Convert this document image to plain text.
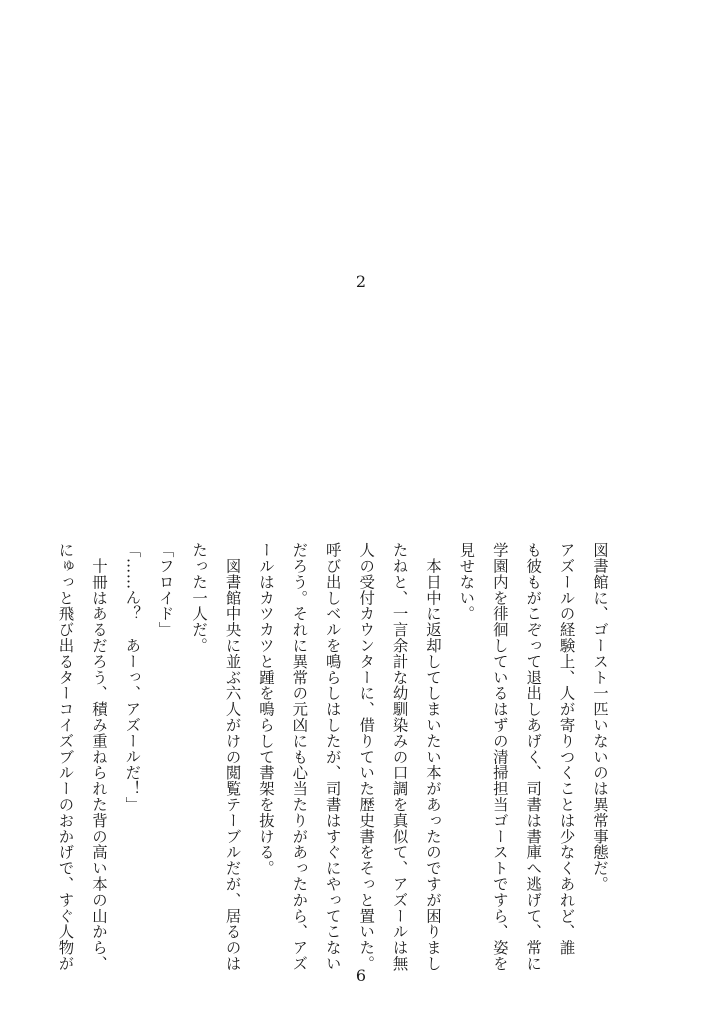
2

図書館に、ゴースト一匹いないのは異常事態だ。

アズールの経験上、人が寄りつくことは少なくあれど、誰

も彼もがこぞって退出しあげく、司書は書庫へ逃げて、常に

学園内を徘徊しているはずの清掃担当ゴーストですら、姿を

見せない。

　本日中に返却してしまいたい本があったのですが困りまし

たねと、一言余計な幼馴染みの口調を真似て、アズールは無

人の受付カウンターに、借りていた歴史書をそっと置いた。

呼び出しベルを鳴らしはしたが、司書はすぐにやってこない

だろう。それに異常の元凶にも心当たりがあったから、アズ

ールはカツカツと踵を鳴らして書架を抜ける。

　図書館中央に並ぶ六人がけの閲覧テーブルだが、居るのは

たった一人だ。

「フロイド」

「……ん？　あーっ、アズールだ！」

　十冊はあるだろう、積み重ねられた背の高い本の山から、

にゅっと飛び出るターコイズブルーのおかげで、すぐ人物が

6
